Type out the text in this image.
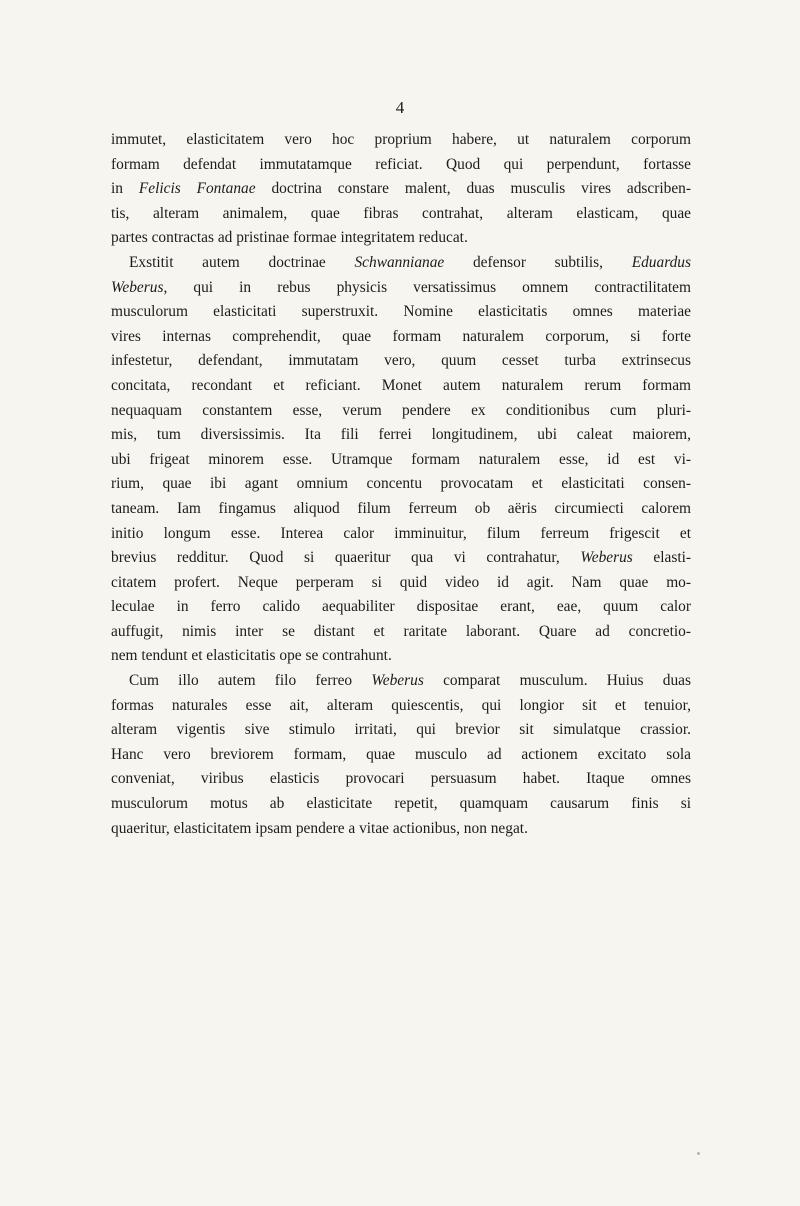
4
immutet, elasticitatem vero hoc proprium habere, ut naturalem corporum
formam defendat immutatamque reficiat. Quod qui perpendunt, fortasse
in Felicis Fontanae doctrina constare malent, duas musculis vires adscriben-
tis, alteram animalem, quae fibras contrahat, alteram elasticam, quae
partes contractas ad pristinae formae integritatem reducat.
Exstitit autem doctrinae Schwannianae defensor subtilis, Eduardus
Weberus, qui in rebus physicis versatissimus omnem contractilitatem
musculorum elasticitati superstruxit. Nomine elasticitatis omnes materiae
vires internas comprehendit, quae formam naturalem corporum, si forte
infestetur, defendant, immutatam vero, quum cesset turba extrinsecus
concitata, recondant et reficiant. Monet autem naturalem rerum formam
nequaquam constantem esse, verum pendere ex conditionibus cum pluri-
mis, tum diversissimis. Ita fili ferrei longitudinem, ubi caleat maiorem,
ubi frigeat minorem esse. Utramque formam naturalem esse, id est vi-
rium, quae ibi agant omnium concentu provocatam et elasticitati consen-
taneam. Iam fingamus aliquod filum ferreum ob aëris circumiecti calorem
initio longum esse. Interea calor imminuitur, filum ferreum frigescit et
brevius redditur. Quod si quaeritur qua vi contrahatur, Weberus elasti-
citatem profert. Neque perperam si quid video id agit. Nam quae mo-
leculae in ferro calido aequabiliter dispositae erant, eae, quum calor
auffugit, nimis inter se distant et raritate laborant. Quare ad concretio-
nem tendunt et elasticitatis ope se contrahunt.
Cum illo autem filo ferreo Weberus comparat musculum. Huius duas
formas naturales esse ait, alteram quiescentis, qui longior sit et tenuior,
alteram vigentis sive stimulo irritati, qui brevior sit simulatque crassior.
Hanc vero breviorem formam, quae musculo ad actionem excitato sola
conveniat, viribus elasticis provocari persuasum habet. Itaque omnes
musculorum motus ab elasticitate repetit, quamquam causarum finis si
quaeritur, elasticitatem ipsam pendere a vitae actionibus, non negat.
